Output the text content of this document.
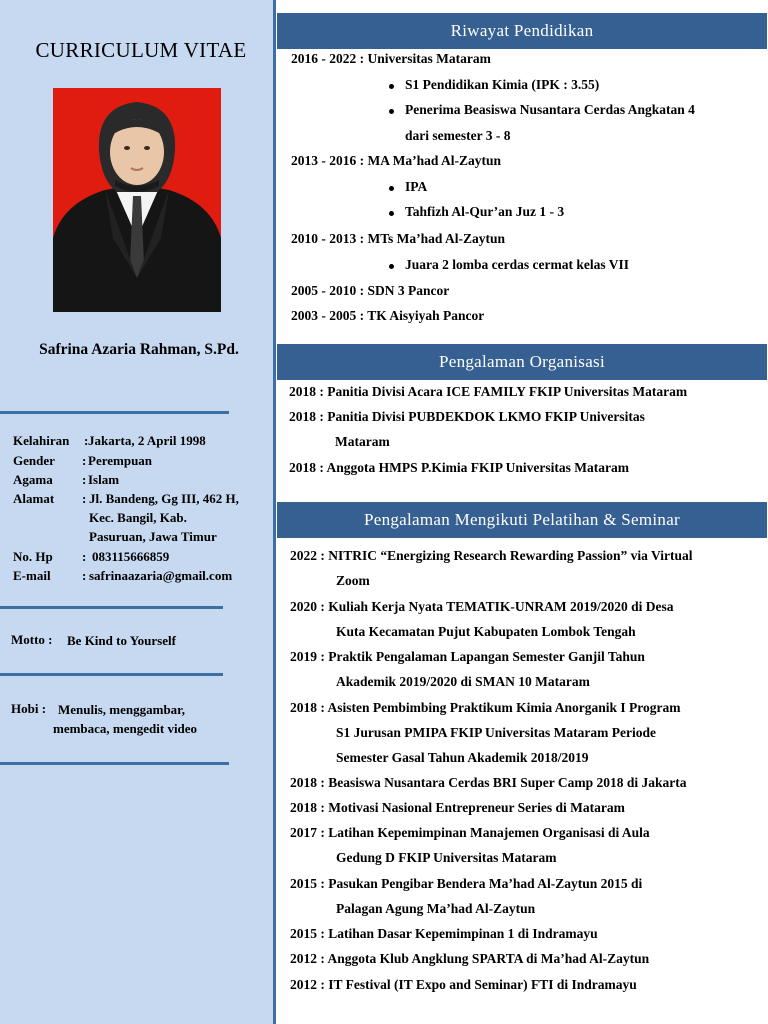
CURRICULUM VITAE
Safrina Azaria Rahman, S.Pd.
Kelahiran : Jakarta, 2 April 1998
Gender : Perempuan
Agama : Islam
Alamat : Jl. Bandeng, Gg III, 462 H,
Kec. Bangil, Kab.
Pasuruan, Jawa Timur
No. Hp : 083115666859
E-mail : safrinaazaria@gmail.com
Motto : Be Kind to Yourself
Hobi : Menulis, menggambar,
membaca, mengedit video
Riwayat Pendidikan
2016 - 2022 : Universitas Mataram
S1 Pendidikan Kimia (IPK : 3.55)
Penerima Beasiswa Nusantara Cerdas Angkatan 4
dari semester 3 - 8
2013 - 2016 : MA Ma’had Al-Zaytun
IPA
Tahfizh Al-Qur’an Juz 1 - 3
2010 - 2013 : MTs Ma’had Al-Zaytun
Juara 2 lomba cerdas cermat kelas VII
2005 - 2010 : SDN 3 Pancor
2003 - 2005 : TK Aisyiyah Pancor
Pengalaman Organisasi
2018 : Panitia Divisi Acara ICE FAMILY FKIP Universitas Mataram
2018 : Panitia Divisi PUBDEKDOK LKMO FKIP Universitas
Mataram
2018 : Anggota HMPS P.Kimia FKIP Universitas Mataram
Pengalaman Mengikuti Pelatihan & Seminar
2022 : NITRIC “Energizing Research Rewarding Passion” via Virtual
Zoom
2020 : Kuliah Kerja Nyata TEMATIK-UNRAM 2019/2020 di Desa
Kuta Kecamatan Pujut Kabupaten Lombok Tengah
2019 : Praktik Pengalaman Lapangan Semester Ganjil Tahun
Akademik 2019/2020 di SMAN 10 Mataram
2018 : Asisten Pembimbing Praktikum Kimia Anorganik I Program
S1 Jurusan PMIPA FKIP Universitas Mataram Periode
Semester Gasal Tahun Akademik 2018/2019
2018 : Beasiswa Nusantara Cerdas BRI Super Camp 2018 di Jakarta
2018 : Motivasi Nasional Entrepreneur Series di Mataram
2017 : Latihan Kepemimpinan Manajemen Organisasi di Aula
Gedung D FKIP Universitas Mataram
2015 : Pasukan Pengibar Bendera Ma’had Al-Zaytun 2015 di
Palagan Agung Ma’had Al-Zaytun
2015 : Latihan Dasar Kepemimpinan 1 di Indramayu
2012 : Anggota Klub Angklung SPARTA di Ma’had Al-Zaytun
2012 : IT Festival (IT Expo and Seminar) FTI di Indramayu
